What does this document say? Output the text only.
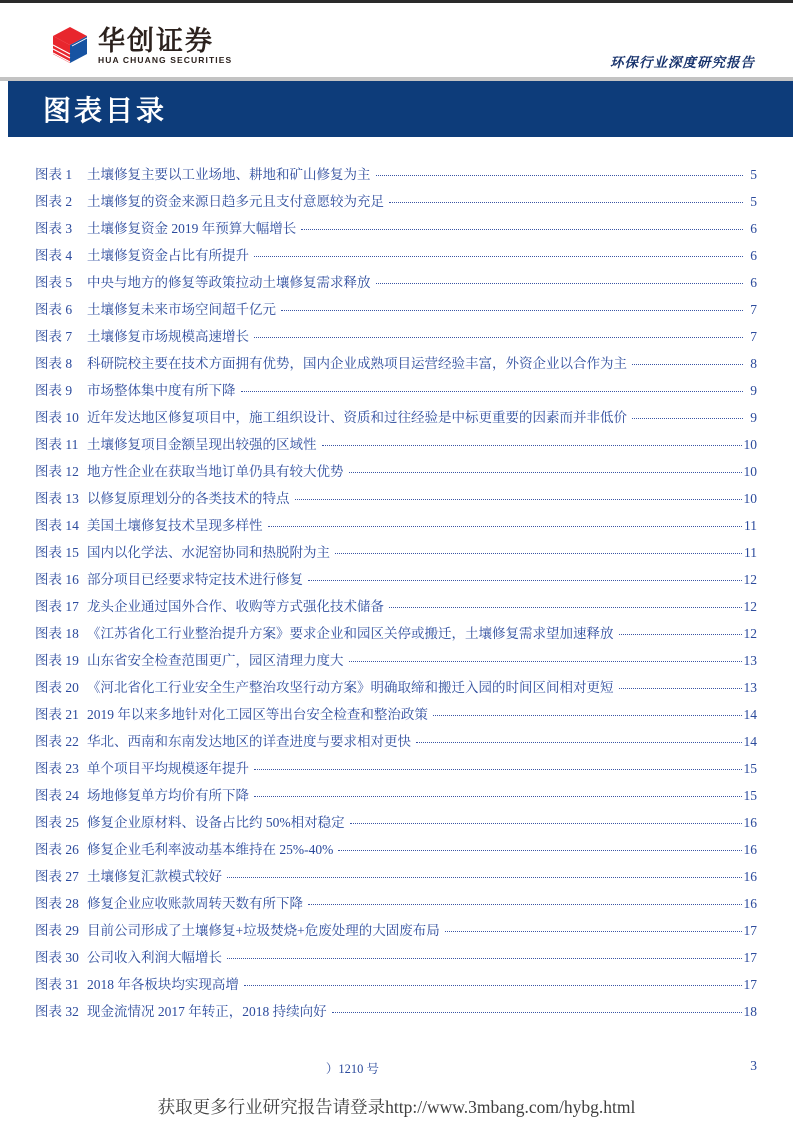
华创证券
HUA CHUANG SECURITIES	环保行业深度研究报告
图表目录
图表 1	土壤修复主要以工业场地、耕地和矿山修复为主	5
图表 2	土壤修复的资金来源日趋多元且支付意愿较为充足	5
图表 3	土壤修复资金 2019 年预算大幅增长	6
图表 4	土壤修复资金占比有所提升	6
图表 5	中央与地方的修复等政策拉动土壤修复需求释放	6
图表 6	土壤修复未来市场空间超千亿元	7
图表 7	土壤修复市场规模高速增长	7
图表 8	科研院校主要在技术方面拥有优势，国内企业成熟项目运营经验丰富，外资企业以合作为主	8
图表 9	市场整体集中度有所下降	9
图表 10 近年发达地区修复项目中，施工组织设计、资质和过往经验是中标更重要的因素而并非低价	9
图表 11 土壤修复项目金额呈现出较强的区域性	10
图表 12 地方性企业在获取当地订单仍具有较大优势	10
图表 13 以修复原理划分的各类技术的特点	10
图表 14 美国土壤修复技术呈现多样性	11
图表 15 国内以化学法、水泥窑协同和热脱附为主	11
图表 16 部分项目已经要求特定技术进行修复	12
图表 17 龙头企业通过国外合作、收购等方式强化技术储备	12
图表 18 《江苏省化工行业整治提升方案》要求企业和园区关停或搬迁，土壤修复需求望加速释放	12
图表 19 山东省安全检查范围更广，园区清理力度大	13
图表 20 《河北省化工行业安全生产整治攻坚行动方案》明确取缔和搬迁入园的时间区间相对更短	13
图表 21 2019 年以来多地针对化工园区等出台安全检查和整治政策	14
图表 22 华北、西南和东南发达地区的详查进度与要求相对更快	14
图表 23 单个项目平均规模逐年提升	15
图表 24 场地修复单方均价有所下降	15
图表 25 修复企业原材料、设备占比约 50%相对稳定	16
图表 26 修复企业毛利率波动基本维持在 25%-40%	16
图表 27 土壤修复汇款模式较好	16
图表 28 修复企业应收账款周转天数有所下降	16
图表 29 目前公司形成了土壤修复+垃圾焚烧+危废处理的大固废布局	17
图表 30 公司收入利润大幅增长	17
图表 31 2018 年各板块均实现高增	17
图表 32 现金流情况 2017 年转正，2018 持续向好	18
）1210 号	3
获取更多行业研究报告请登录http://www.3mbang.com/hybg.html
